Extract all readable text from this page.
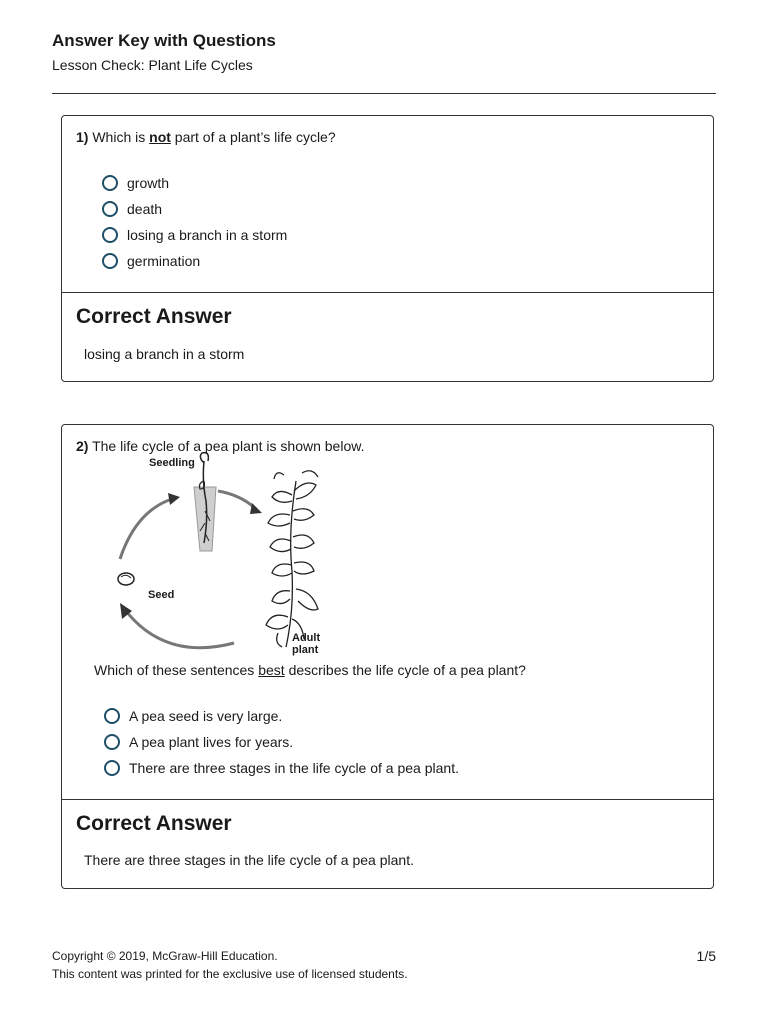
Answer Key with Questions
Lesson Check: Plant Life Cycles
1) Which is not part of a plant’s life cycle?
growth
death
losing a branch in a storm
germination
Correct Answer
losing a branch in a storm
2) The life cycle of a pea plant is shown below.
Seedling
Seed
Adult plant
Which of these sentences best describes the life cycle of a pea plant?
A pea seed is very large.
A pea plant lives for years.
There are three stages in the life cycle of a pea plant.
Correct Answer
There are three stages in the life cycle of a pea plant.
Copyright © 2019, McGraw-Hill Education.
This content was printed for the exclusive use of licensed students.
1/5
